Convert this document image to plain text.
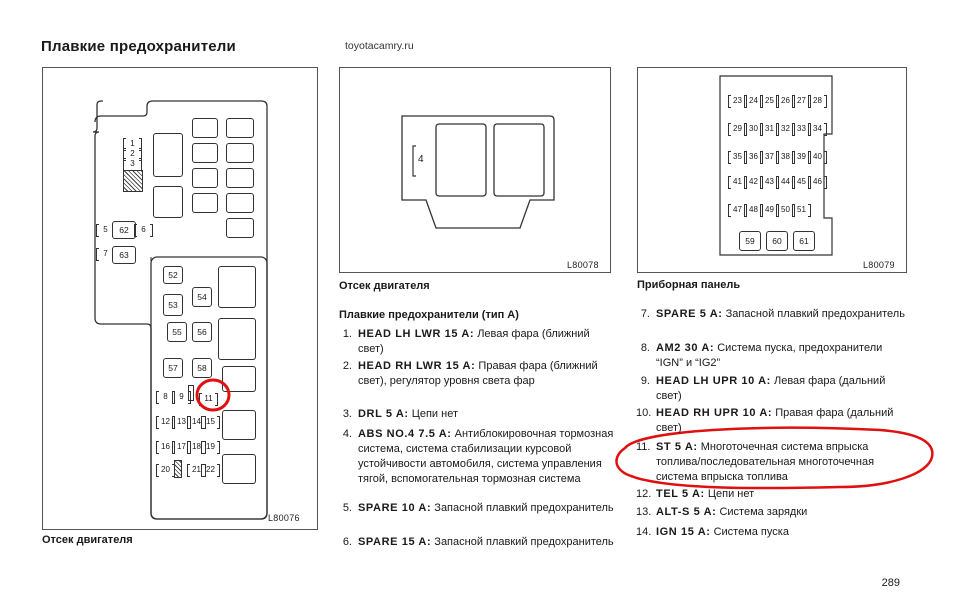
Плавкие предохранители	toyotacamry.ru
1
2
3
5	62	6
7	63
52
53
54
55	56
57	58
8	9	11
12 13 14 15
16 17 18 19
20	21 22
L80076
Отсек двигателя
4
L80078
Отсек двигателя
23 24 25 26 27 28
29 30 31 32 33 34
35 36 37 38 39 40
41 42 43 44 45 46
47 48 49 50 51
59	60	61
L80079
Приборная панель
Плавкие предохранители (тип А)
1. HEAD LH LWR 15 A: Левая фара (ближний свет)
2. HEAD RH LWR 15 A: Правая фара (ближний свет), регулятор уровня света фар
3. DRL 5 A: Цепи нет
4. ABS NO.4 7.5 A: Антиблокировочная тормозная система, система стабилизации курсовой устойчивости автомобиля, система управления тягой, вспомогательная тормозная система
5. SPARE 10 A: Запасной плавкий предохранитель
6. SPARE 15 A: Запасной плавкий предохранитель
7. SPARE 5 A: Запасной плавкий предохранитель
8. AM2 30 A: Система пуска, предохранители “IGN” и “IG2”
9. HEAD LH UPR 10 A: Левая фара (дальний свет)
10. HEAD RH UPR 10 A: Правая фара (дальний свет)
11. ST 5 A: Многоточечная система впрыска топлива/последовательная многоточечная система впрыска топлива
12. TEL 5 A: Цепи нет
13. ALT-S 5 A: Система зарядки
14. IGN 15 A: Система пуска
289
